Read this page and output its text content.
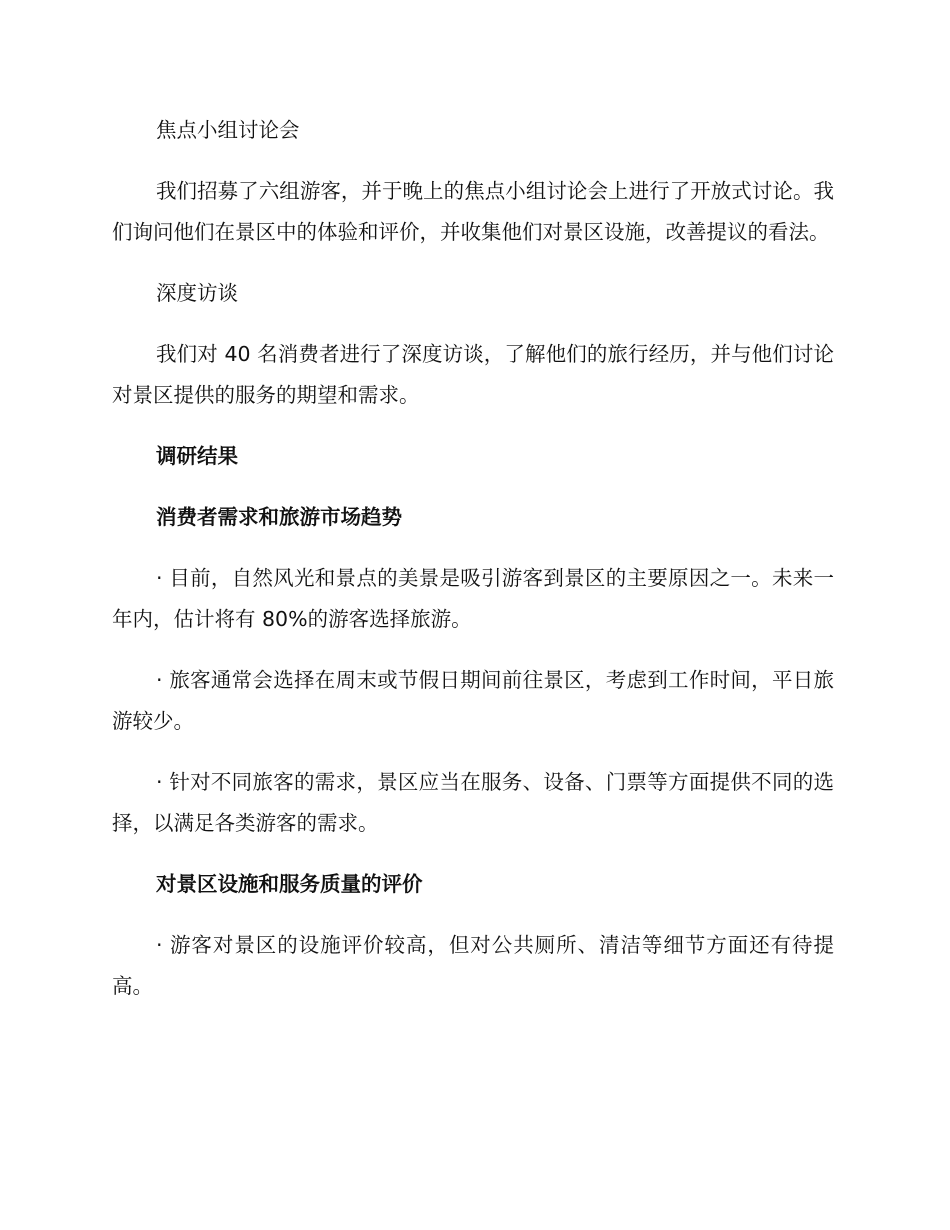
焦点小组讨论会

我们招募了六组游客，并于晚上的焦点小组讨论会上进行了开放式讨论。我们询问他们在景区中的体验和评价，并收集他们对景区设施，改善提议的看法。

深度访谈

我们对 40 名消费者进行了深度访谈，了解他们的旅行经历，并与他们讨论对景区提供的服务的期望和需求。

调研结果

消费者需求和旅游市场趋势

· 目前，自然风光和景点的美景是吸引游客到景区的主要原因之一。未来一年内，估计将有 80%的游客选择旅游。

· 旅客通常会选择在周末或节假日期间前往景区，考虑到工作时间，平日旅游较少。

· 针对不同旅客的需求，景区应当在服务、设备、门票等方面提供不同的选择，以满足各类游客的需求。

对景区设施和服务质量的评价

· 游客对景区的设施评价较高，但对公共厕所、清洁等细节方面还有待提高。
